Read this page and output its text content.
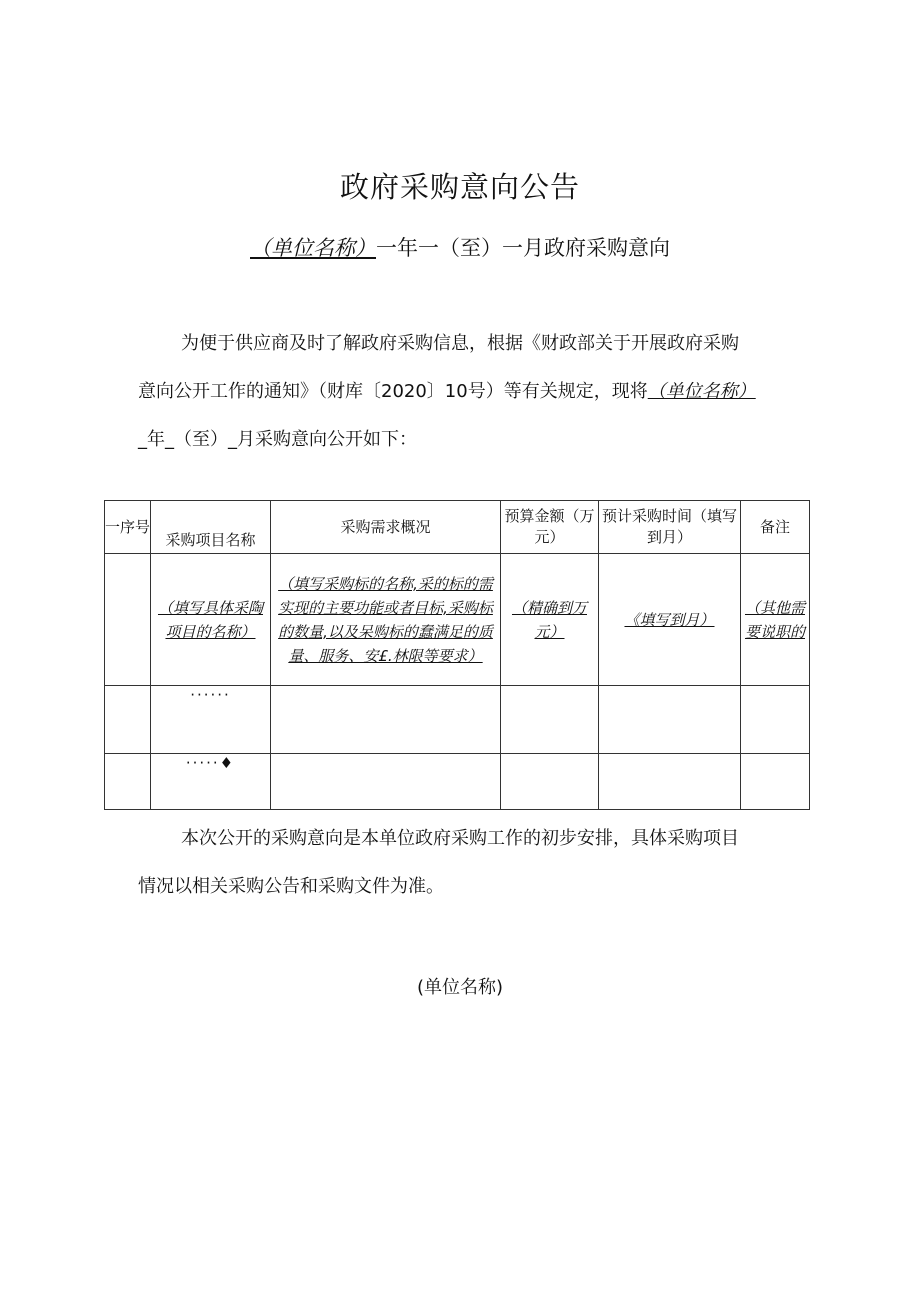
政府采购意向公告
（单位名称）一年一（至）一月政府采购意向
为便于供应商及时了解政府采购信息，根据《财政部关于开展政府采购
意向公开工作的通知》（财库〔2020〕10号）等有关规定，现将（单位名称）
_年_（至）_月采购意向公开如下：
一序号	采购项目名称	采购需求概况	预算金额（万元）	预计采购时间（填写到月）	备注
	（填写具体采陶项目的名称）	（填写采购标的名称,采的标的需实现的主要功能或者目标,采购标的数量,以及呆购标的蠢满足的质量、服务、安£.林限等要求）	（精确到万元）	《填写到月）	（其他需要说职的
	······				
	·····♦				
本次公开的采购意向是本单位政府采购工作的初步安排，具体采购项目
情况以相关采购公告和采购文件为准。
(单位名称)
